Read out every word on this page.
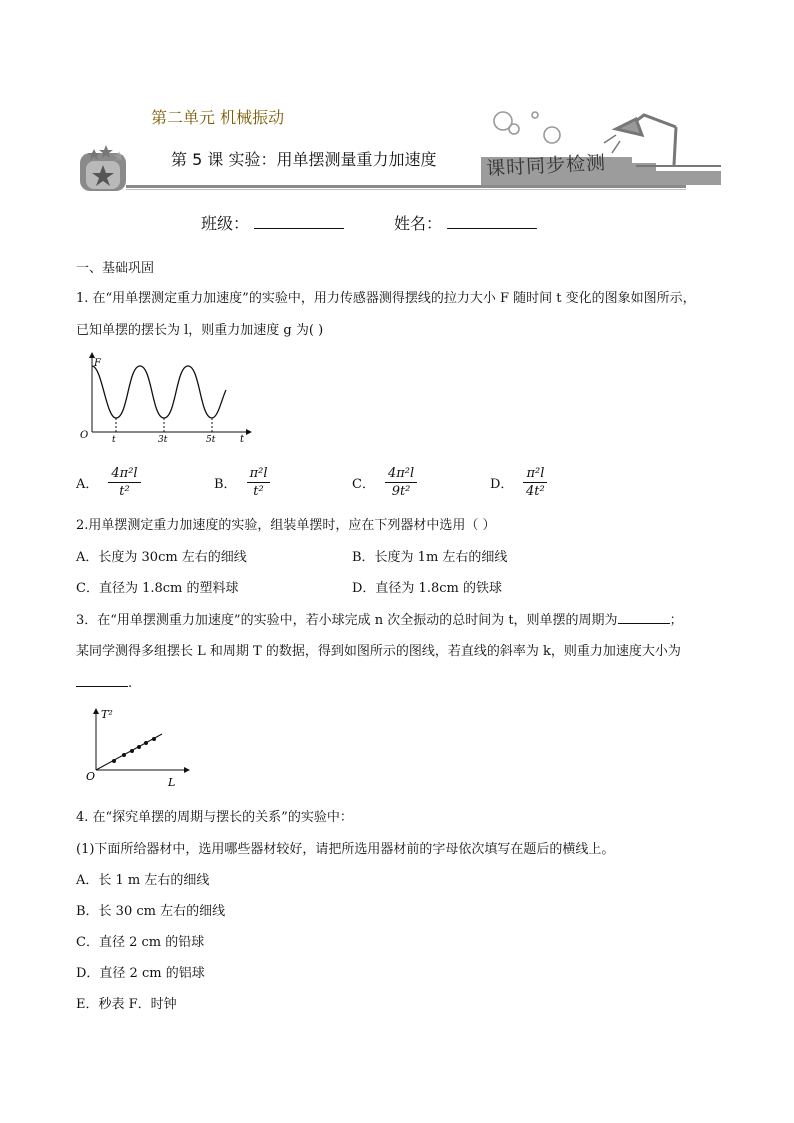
第二单元 机械振动
第 5 课 实验：用单摆测量重力加速度	课时同步检测
班级：	姓名：
一、基础巩固
1. 在“用单摆测定重力加速度”的实验中，用力传感器测得摆线的拉力大小 F 随时间 t 变化的图象如图所示，
已知单摆的摆长为 l，则重力加速度 g 为( )
F
O	t	3t	5t t
A． $\frac{\text{4π²l}}{\text{t²}}$	B． $\frac{\text{π²l}}{\text{t²}}$	C． $\frac{\text{4π²l}}{\text{9t²}}$	D． $\frac{\text{π²l}}{\text{4t²}}$
2.用单摆测定重力加速度的实验，组装单摆时，应在下列器材中选用（ ）
A．长度为 30cm 左右的细线	B．长度为 1m 左右的细线
C．直径为 1.8cm 的塑料球	D．直径为 1.8cm 的铁球
3．在“用单摆测重力加速度”的实验中，若小球完成 n 次全振动的总时间为 t，则单摆的周期为	；
某同学测得多组摆长 L 和周期 T 的数据，得到如图所示的图线，若直线的斜率为 k，则重力加速度大小为
.
T²
O	L
4. 在“探究单摆的周期与摆长的关系”的实验中：
(1)下面所给器材中，选用哪些器材较好，请把所选用器材前的字母依次填写在题后的横线上。
A．长 1 m 左右的细线
B．长 30 cm 左右的细线
C．直径 2 cm 的铅球
D．直径 2 cm 的铝球
E．秒表 F．时钟
